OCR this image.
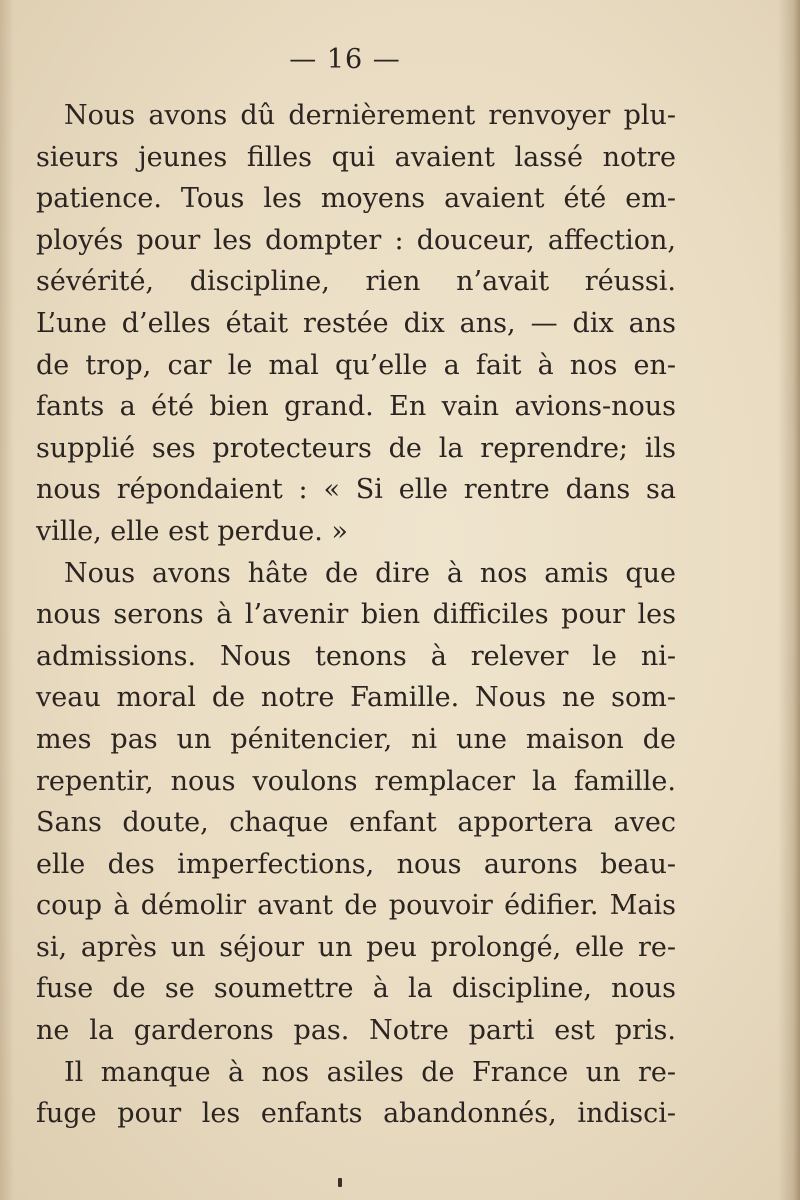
— 16 —
Nous avons dû dernièrement renvoyer plu-
sieurs jeunes filles qui avaient lassé notre
patience. Tous les moyens avaient été em-
ployés pour les dompter : douceur, affection,
sévérité, discipline, rien n’avait réussi.
L’une d’elles était restée dix ans, — dix ans
de trop, car le mal qu’elle a fait à nos en-
fants a été bien grand. En vain avions-nous
supplié ses protecteurs de la reprendre; ils
nous répondaient : « Si elle rentre dans sa
ville, elle est perdue. »
Nous avons hâte de dire à nos amis que
nous serons à l’avenir bien difficiles pour les
admissions. Nous tenons à relever le ni-
veau moral de notre Famille. Nous ne som-
mes pas un pénitencier, ni une maison de
repentir, nous voulons remplacer la famille.
Sans doute, chaque enfant apportera avec
elle des imperfections, nous aurons beau-
coup à démolir avant de pouvoir édifier. Mais
si, après un séjour un peu prolongé, elle re-
fuse de se soumettre à la discipline, nous
ne la garderons pas. Notre parti est pris.
Il manque à nos asiles de France un re-
fuge pour les enfants abandonnés, indisci-
